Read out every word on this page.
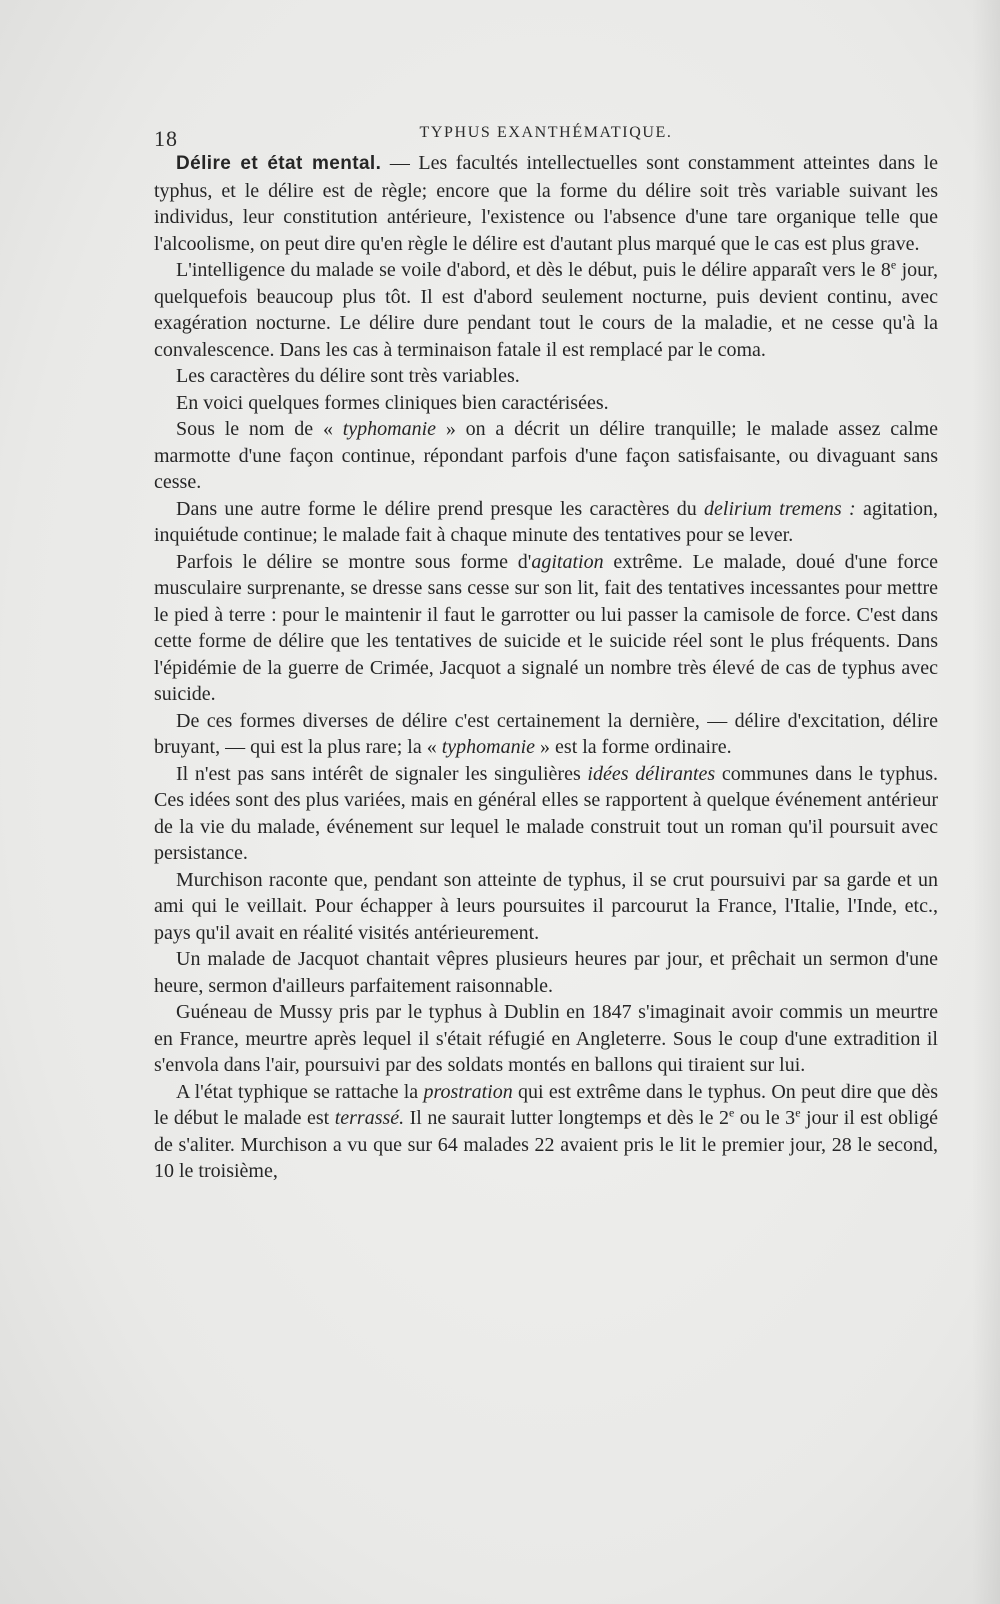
18	TYPHUS EXANTHÉMATIQUE.

Délire et état mental. — Les facultés intellectuelles sont constamment atteintes dans le typhus, et le délire est de règle; encore que la forme du délire soit très variable suivant les individus, leur constitution antérieure, l'existence ou l'absence d'une tare organique telle que l'alcoolisme, on peut dire qu'en règle le délire est d'autant plus marqué que le cas est plus grave.

L'intelligence du malade se voile d'abord, et dès le début, puis le délire apparaît vers le 8e jour, quelquefois beaucoup plus tôt. Il est d'abord seulement nocturne, puis devient continu, avec exagération nocturne. Le délire dure pendant tout le cours de la maladie, et ne cesse qu'à la convalescence. Dans les cas à terminaison fatale il est remplacé par le coma.

Les caractères du délire sont très variables.

En voici quelques formes cliniques bien caractérisées.

Sous le nom de « typhomanie » on a décrit un délire tranquille; le malade assez calme marmotte d'une façon continue, répondant parfois d'une façon satisfaisante, ou divaguant sans cesse.

Dans une autre forme le délire prend presque les caractères du delirium tremens : agitation, inquiétude continue; le malade fait à chaque minute des tentatives pour se lever.

Parfois le délire se montre sous forme d'agitation extrême. Le malade, doué d'une force musculaire surprenante, se dresse sans cesse sur son lit, fait des tentatives incessantes pour mettre le pied à terre : pour le maintenir il faut le garrotter ou lui passer la camisole de force. C'est dans cette forme de délire que les tentatives de suicide et le suicide réel sont le plus fréquents. Dans l'épidémie de la guerre de Crimée, Jacquot a signalé un nombre très élevé de cas de typhus avec suicide.

De ces formes diverses de délire c'est certainement la dernière, — délire d'excitation, délire bruyant, — qui est la plus rare; la « typhomanie » est la forme ordinaire.

Il n'est pas sans intérêt de signaler les singulières idées délirantes communes dans le typhus. Ces idées sont des plus variées, mais en général elles se rapportent à quelque événement antérieur de la vie du malade, événement sur lequel le malade construit tout un roman qu'il poursuit avec persistance.

Murchison raconte que, pendant son atteinte de typhus, il se crut poursuivi par sa garde et un ami qui le veillait. Pour échapper à leurs poursuites il parcourut la France, l'Italie, l'Inde, etc., pays qu'il avait en réalité visités antérieurement.

Un malade de Jacquot chantait vêpres plusieurs heures par jour, et prêchait un sermon d'une heure, sermon d'ailleurs parfaitement raisonnable.

Guéneau de Mussy pris par le typhus à Dublin en 1847 s'imaginait avoir commis un meurtre en France, meurtre après lequel il s'était réfugié en Angleterre. Sous le coup d'une extradition il s'envola dans l'air, poursuivi par des soldats montés en ballons qui tiraient sur lui.

A l'état typhique se rattache la prostration qui est extrême dans le typhus. On peut dire que dès le début le malade est terrassé. Il ne saurait lutter longtemps et dès le 2e ou le 3e jour il est obligé de s'aliter. Murchison a vu que sur 64 malades 22 avaient pris le lit le premier jour, 28 le second, 10 le troisième,
